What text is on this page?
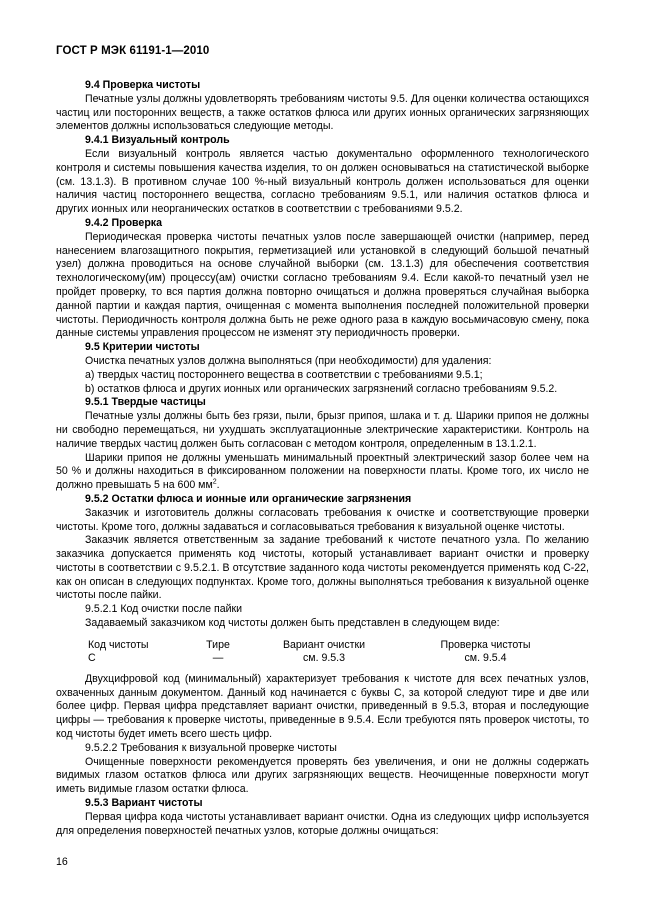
ГОСТ Р МЭК 61191-1—2010

9.4 Проверка чистоты

Печатные узлы должны удовлетворять требованиям чистоты 9.5. Для оценки количества остающихся частиц или посторонних веществ, а также остатков флюса или других ионных органических загрязняющих элементов должны использоваться следующие методы.

9.4.1 Визуальный контроль

Если визуальный контроль является частью документально оформленного технологического контроля и системы повышения качества изделия, то он должен основываться на статистической выборке (см. 13.1.3). В противном случае 100 %-ный визуальный контроль должен использоваться для оценки наличия частиц постороннего вещества, согласно требованиям 9.5.1, или наличия остатков флюса и других ионных или неорганических остатков в соответствии с требованиями 9.5.2.

9.4.2 Проверка

Периодическая проверка чистоты печатных узлов после завершающей очистки (например, перед нанесением влагозащитного покрытия, герметизацией или установкой в следующий большой печатный узел) должна проводиться на основе случайной выборки (см. 13.1.3) для обеспечения соответствия технологическому(им) процессу(ам) очистки согласно требованиям 9.4. Если какой-то печатный узел не пройдет проверку, то вся партия должна повторно очищаться и должна проверяться случайная выборка данной партии и каждая партия, очищенная с момента выполнения последней положительной проверки чистоты. Периодичность контроля должна быть не реже одного раза в каждую восьмичасовую смену, пока данные системы управления процессом не изменят эту периодичность проверки.

9.5 Критерии чистоты

Очистка печатных узлов должна выполняться (при необходимости) для удаления:

a) твердых частиц постороннего вещества в соответствии с требованиями 9.5.1;

b) остатков флюса и других ионных или органических загрязнений согласно требованиям 9.5.2.

9.5.1 Твердые частицы

Печатные узлы должны быть без грязи, пыли, брызг припоя, шлака и т. д. Шарики припоя не должны ни свободно перемещаться, ни ухудшать эксплуатационные электрические характеристики. Контроль на наличие твердых частиц должен быть согласован с методом контроля, определенным в 13.1.2.1.

Шарики припоя не должны уменьшать минимальный проектный электрический зазор более чем на 50 % и должны находиться в фиксированном положении на поверхности платы. Кроме того, их число не должно превышать 5 на 600 $мм^2$.

9.5.2 Остатки флюса и ионные или органические загрязнения

Заказчик и изготовитель должны согласовать требования к очистке и соответствующие проверки чистоты. Кроме того, должны задаваться и согласовываться требования к визуальной оценке чистоты.

Заказчик является ответственным за задание требований к чистоте печатного узла. По желанию заказчика допускается применять код чистоты, который устанавливает вариант очистки и проверку чистоты в соответствии с 9.5.2.1. В отсутствие заданного кода чистоты рекомендуется применять код С-22, как он описан в следующих подпунктах. Кроме того, должны выполняться требования к визуальной оценке чистоты после пайки.

9.5.2.1 Код очистки после пайки

Задаваемый заказчиком код чистоты должен быть представлен в следующем виде:

Код чистоты	Тире	Вариант очистки	Проверка чистоты
С	—	см. 9.5.3	см. 9.5.4

Двухцифровой код (минимальный) характеризует требования к чистоте для всех печатных узлов, охваченных данным документом. Данный код начинается с буквы С, за которой следуют тире и две или более цифр. Первая цифра представляет вариант очистки, приведенный в 9.5.3, вторая и последующие цифры — требования к проверке чистоты, приведенные в 9.5.4. Если требуются пять проверок чистоты, то код чистоты будет иметь всего шесть цифр.

9.5.2.2 Требования к визуальной проверке чистоты

Очищенные поверхности рекомендуется проверять без увеличения, и они не должны содержать видимых глазом остатков флюса или других загрязняющих веществ. Неочищенные поверхности могут иметь видимые глазом остатки флюса.

9.5.3 Вариант чистоты

Первая цифра кода чистоты устанавливает вариант очистки. Одна из следующих цифр используется для определения поверхностей печатных узлов, которые должны очищаться:

16
